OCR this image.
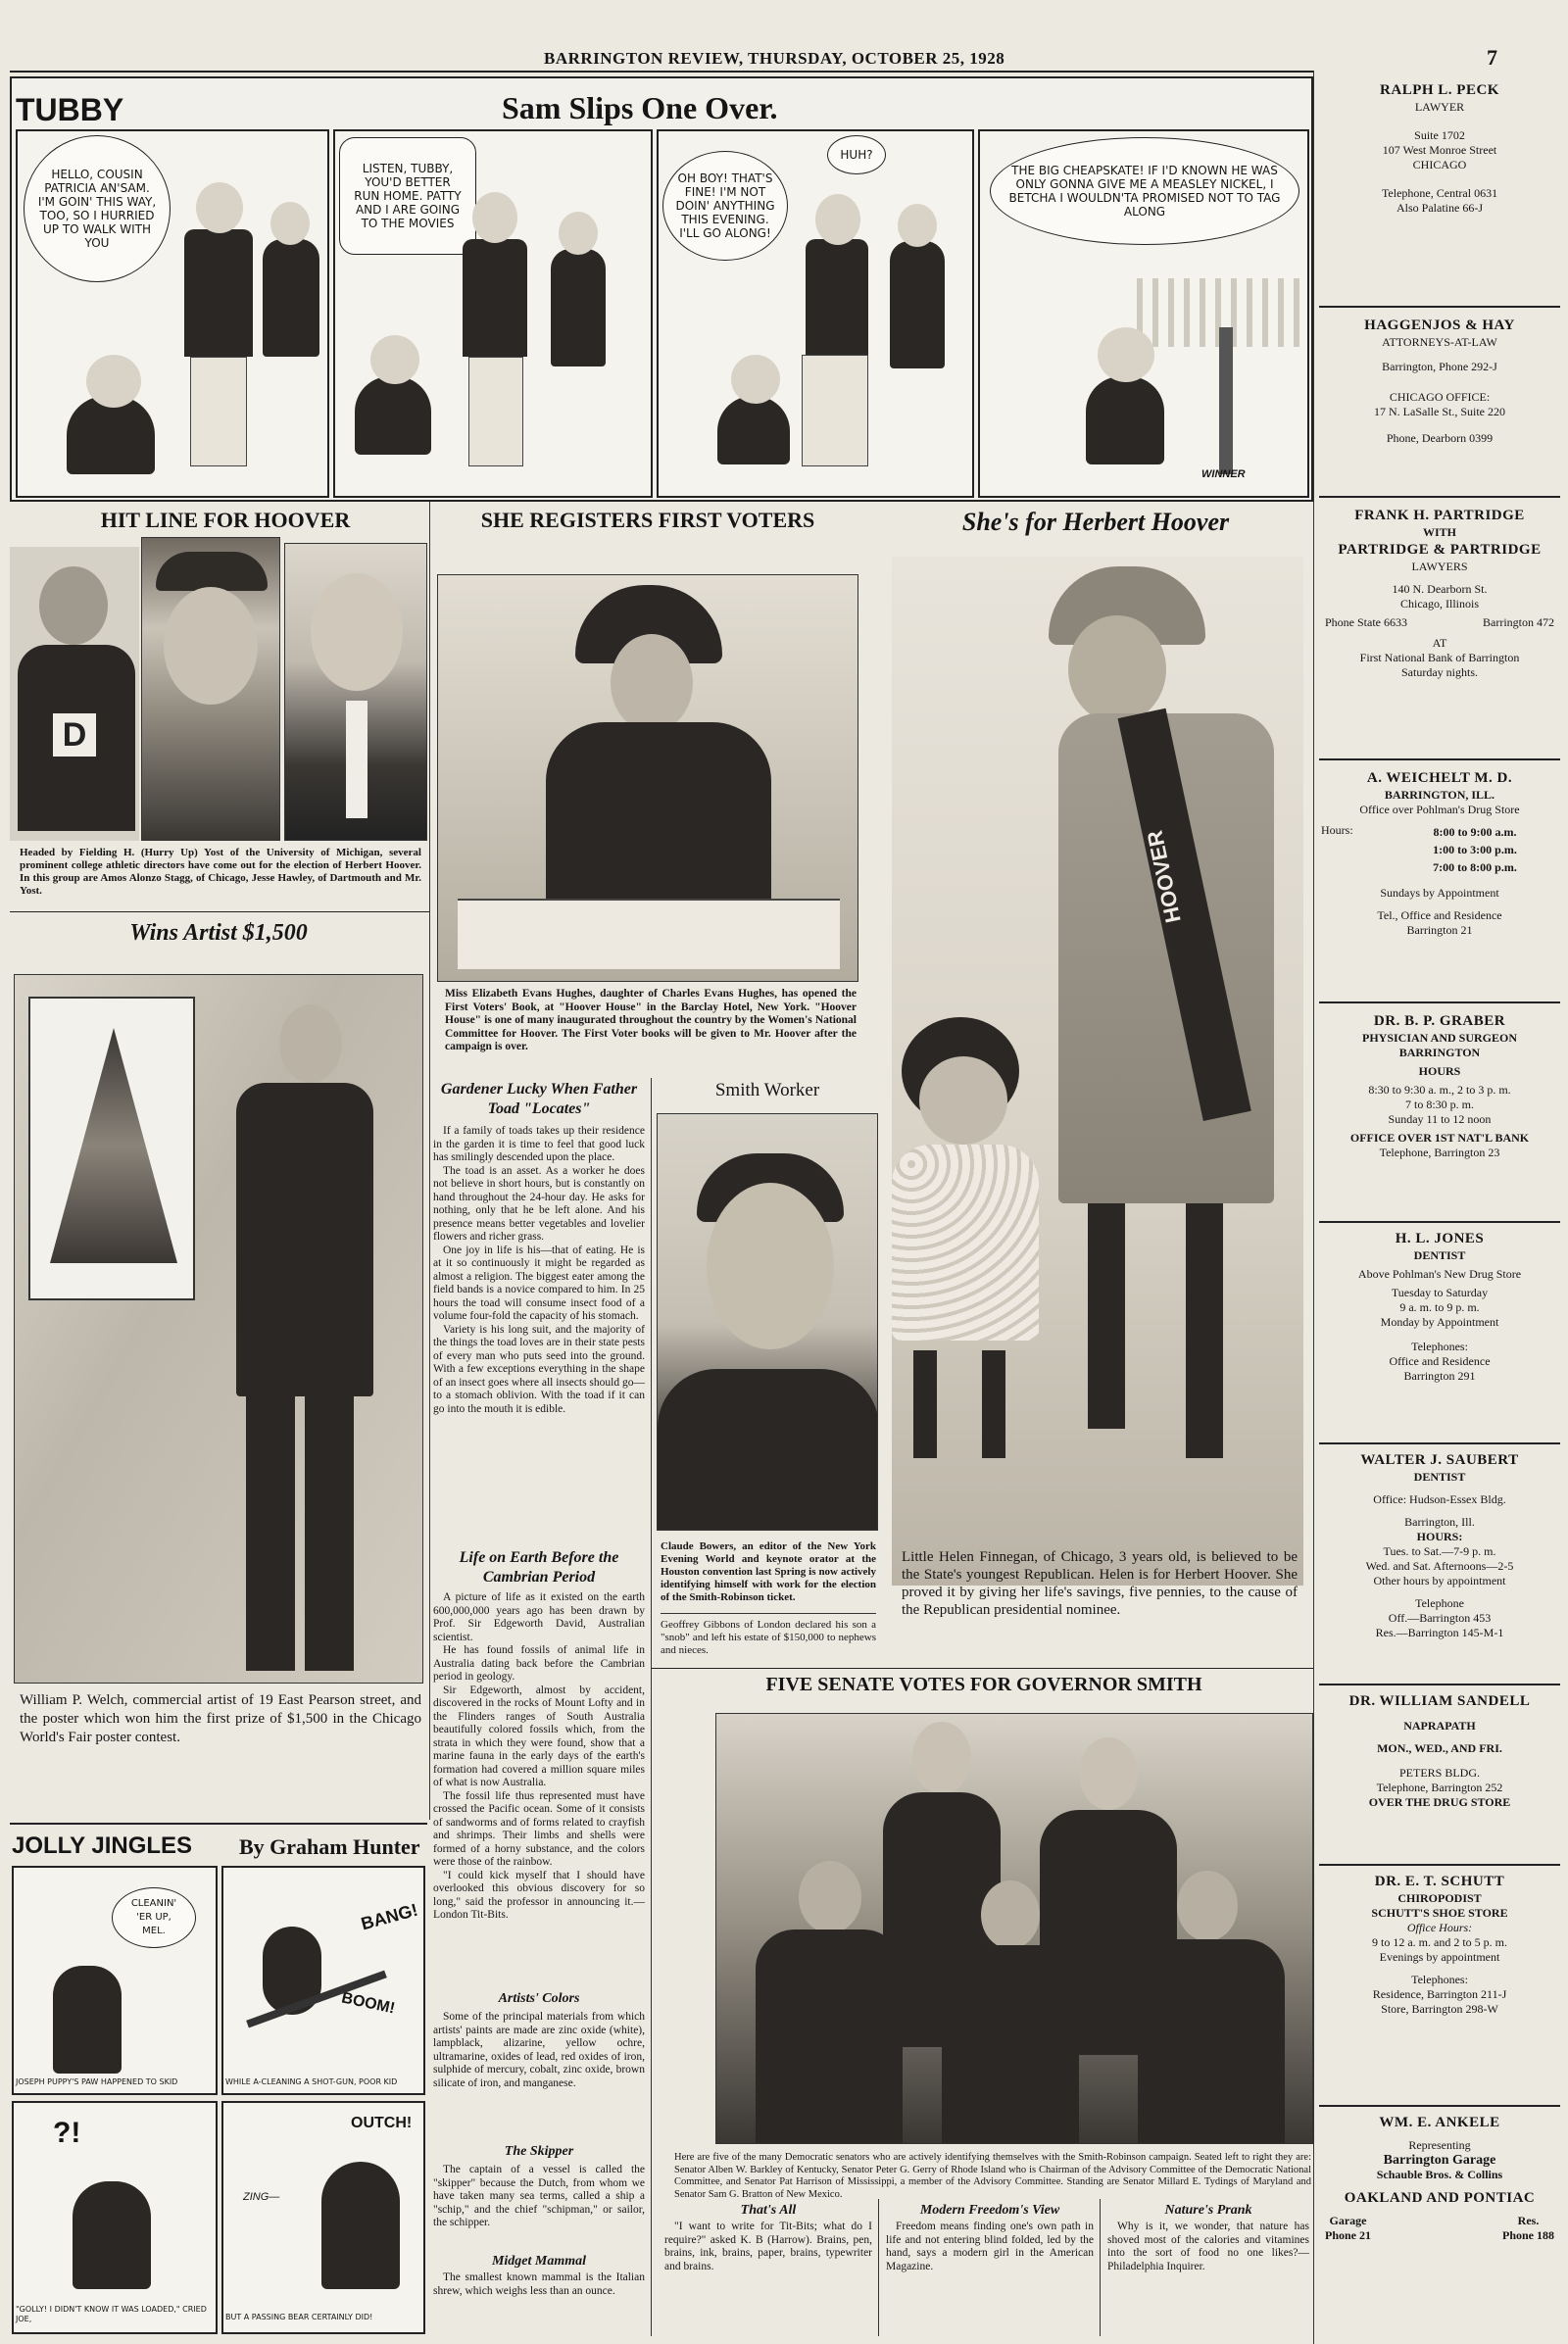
BARRINGTON REVIEW, THURSDAY, OCTOBER 25, 1928	7
TUBBY	Sam Slips One Over.
HELLO, COUSIN PATRICIA AN'SAM. I'M GOIN' THIS WAY, TOO, SO I HURRIED UP TO WALK WITH YOU
LISTEN, TUBBY, YOU'D BETTER RUN HOME. PATTY AND I ARE GOING TO THE MOVIES
OH BOY! THAT'S FINE! I'M NOT DOIN' ANYTHING THIS EVENING. I'LL GO ALONG!
HUH?
THE BIG CHEAPSKATE! IF I'D KNOWN HE WAS ONLY GONNA GIVE ME A MEASLEY NICKEL, I BETCHA I WOULDN'TA PROMISED NOT TO TAG ALONG
WINNER
RALPH L. PECK
LAWYER
Suite 1702
107 West Monroe Street
CHICAGO
Telephone, Central 0631
Also Palatine 66-J
HAGGENJOS & HAY
ATTORNEYS-AT-LAW
Barrington, Phone 292-J
CHICAGO OFFICE:
17 N. LaSalle St., Suite 220
Phone, Dearborn 0399
FRANK H. PARTRIDGE
WITH
PARTRIDGE & PARTRIDGE
LAWYERS
140 N. Dearborn St.
Chicago, Illinois
Phone State 6633	Barrington 472
AT
First National Bank of Barrington
Saturday nights.
A. WEICHELT M. D.
BARRINGTON, ILL.
Office over Pohlman's Drug Store
Hours:	8:00 to 9:00 a.m.
1:00 to 3:00 p.m.
7:00 to 8:00 p.m.
Sundays by Appointment
Tel., Office and Residence
Barrington 21
DR. B. P. GRABER
PHYSICIAN AND SURGEON
BARRINGTON
HOURS
8:30 to 9:30 a. m., 2 to 3 p. m.
7 to 8:30 p. m.
Sunday 11 to 12 noon
OFFICE OVER 1ST NAT'L BANK
Telephone, Barrington 23
H. L. JONES
DENTIST
Above Pohlman's New Drug Store
Tuesday to Saturday
9 a. m. to 9 p. m.
Monday by Appointment
Telephones:
Office and Residence
Barrington 291
WALTER J. SAUBERT
DENTIST
Office: Hudson-Essex Bldg.
Barrington, Ill.
HOURS:
Tues. to Sat.—7-9 p. m.
Wed. and Sat. Afternoons—2-5
Other hours by appointment
Telephone
Off.—Barrington 453
Res.—Barrington 145-M-1
DR. WILLIAM SANDELL
NAPRAPATH
MON., WED., AND FRI.
PETERS BLDG.
Telephone, Barrington 252
OVER THE DRUG STORE
DR. E. T. SCHUTT
CHIROPODIST
SCHUTT'S SHOE STORE
Office Hours:
9 to 12 a. m. and 2 to 5 p. m.
Evenings by appointment
Telephones:
Residence, Barrington 211-J
Store, Barrington 298-W
WM. E. ANKELE
Representing
Barrington Garage
Schauble Bros. & Collins
OAKLAND AND PONTIAC
Garage
Phone 21
Res.
Phone 188
HIT LINE FOR HOOVER
D
Headed by Fielding H. (Hurry Up) Yost of the University of Michigan, several prominent college athletic directors have come out for the election of Herbert Hoover. In this group are Amos Alonzo Stagg, of Chicago, Jesse Hawley, of Dartmouth and Mr. Yost.
Wins Artist $1,500
William P. Welch, commercial artist of 19 East Pearson street, and the poster which won him the first prize of $1,500 in the Chicago World's Fair poster contest.
JOLLY JINGLES By Graham Hunter
CLEANIN' 'ER UP, MEL.
JOSEPH PUPPY'S PAW HAPPENED TO SKID
BANG!
BOOM!
WHILE A-CLEANING A SHOT-GUN, POOR KID
?!
"GOLLY! I DIDN'T KNOW IT WAS LOADED," CRIED JOE,
OUTCH!
ZING—
BUT A PASSING BEAR CERTAINLY DID!
SHE REGISTERS FIRST VOTERS
Miss Elizabeth Evans Hughes, daughter of Charles Evans Hughes, has opened the First Voters' Book, at "Hoover House" in the Barclay Hotel, New York. "Hoover House" is one of many inaugurated throughout the country by the Women's National Committee for Hoover. The First Voter books will be given to Mr. Hoover after the campaign is over.
Gardener Lucky When Father Toad "Locates"

If a family of toads takes up their residence in the garden it is time to feel that good luck has smilingly descended upon the place.

The toad is an asset. As a worker he does not believe in short hours, but is constantly on hand throughout the 24-hour day. He asks for nothing, only that he be left alone. And his presence means better vegetables and lovelier flowers and richer grass.

One joy in life is his—that of eating. He is at it so continuously it might be regarded as almost a religion. The biggest eater among the field bands is a novice compared to him. In 25 hours the toad will consume insect food of a volume four-fold the capacity of his stomach.

Variety is his long suit, and the majority of the things the toad loves are in their state pests of every man who puts seed into the ground. With a few exceptions everything in the shape of an insect goes where all insects should go—to a stomach oblivion. With the toad if it can go into the mouth it is edible.

Life on Earth Before the Cambrian Period

A picture of life as it existed on the earth 600,000,000 years ago has been drawn by Prof. Sir Edgeworth David, Australian scientist.

He has found fossils of animal life in Australia dating back before the Cambrian period in geology.

Sir Edgeworth, almost by accident, discovered in the rocks of Mount Lofty and in the Flinders ranges of South Australia beautifully colored fossils which, from the strata in which they were found, show that a marine fauna in the early days of the earth's formation had covered a million square miles of what is now Australia.

The fossil life thus represented must have crossed the Pacific ocean. Some of it consists of sandworms and of forms related to crayfish and shrimps. Their limbs and shells were formed of a horny substance, and the colors were those of the rainbow.

"I could kick myself that I should have overlooked this obvious discovery for so long," said the professor in announcing it.—London Tit-Bits.

Artists' Colors

Some of the principal materials from which artists' paints are made are zinc oxide (white), lampblack, alizarine, yellow ochre, ultramarine, oxides of lead, red oxides of iron, sulphide of mercury, cobalt, zinc oxide, brown silicate of iron, and manganese.

The Skipper

The captain of a vessel is called the "skipper" because the Dutch, from whom we have taken many sea terms, called a ship a "schip," and the chief "schipman," or sailor, the schipper.

Midget Mammal

The smallest known mammal is the Italian shrew, which weighs less than an ounce.

Smith Worker
Claude Bowers, an editor of the New York Evening World and keynote orator at the Houston convention last Spring is now actively identifying himself with work for the election of the Smith-Robinson ticket.
Geoffrey Gibbons of London declared his son a "snob" and left his estate of $150,000 to nephews and nieces.
She's for Herbert Hoover
HOOVER
Little Helen Finnegan, of Chicago, 3 years old, is believed to be the State's youngest Republican. Helen is for Herbert Hoover. She proved it by giving her life's savings, five pennies, to the cause of the Republican presidential nominee.
FIVE SENATE VOTES FOR GOVERNOR SMITH
Here are five of the many Democratic senators who are actively identifying themselves with the Smith-Robinson campaign. Seated left to right they are: Senator Alben W. Barkley of Kentucky, Senator Peter G. Gerry of Rhode Island who is Chairman of the Advisory Committee of the Democratic National Committee, and Senator Pat Harrison of Mississippi, a member of the Advisory Committee. Standing are Senator Millard E. Tydings of Maryland and Senator Sam G. Bratton of New Mexico.
That's All
"I want to write for Tit-Bits; what do I require?" asked K. B (Harrow). Brains, pen, brains, ink, brains, paper, brains, typewriter and brains.
Modern Freedom's View
Freedom means finding one's own path in life and not entering blind folded, led by the hand, says a modern girl in the American Magazine.
Nature's Prank
Why is it, we wonder, that nature has shoved most of the calories and vitamines into the sort of food no one likes?—Philadelphia Inquirer.
